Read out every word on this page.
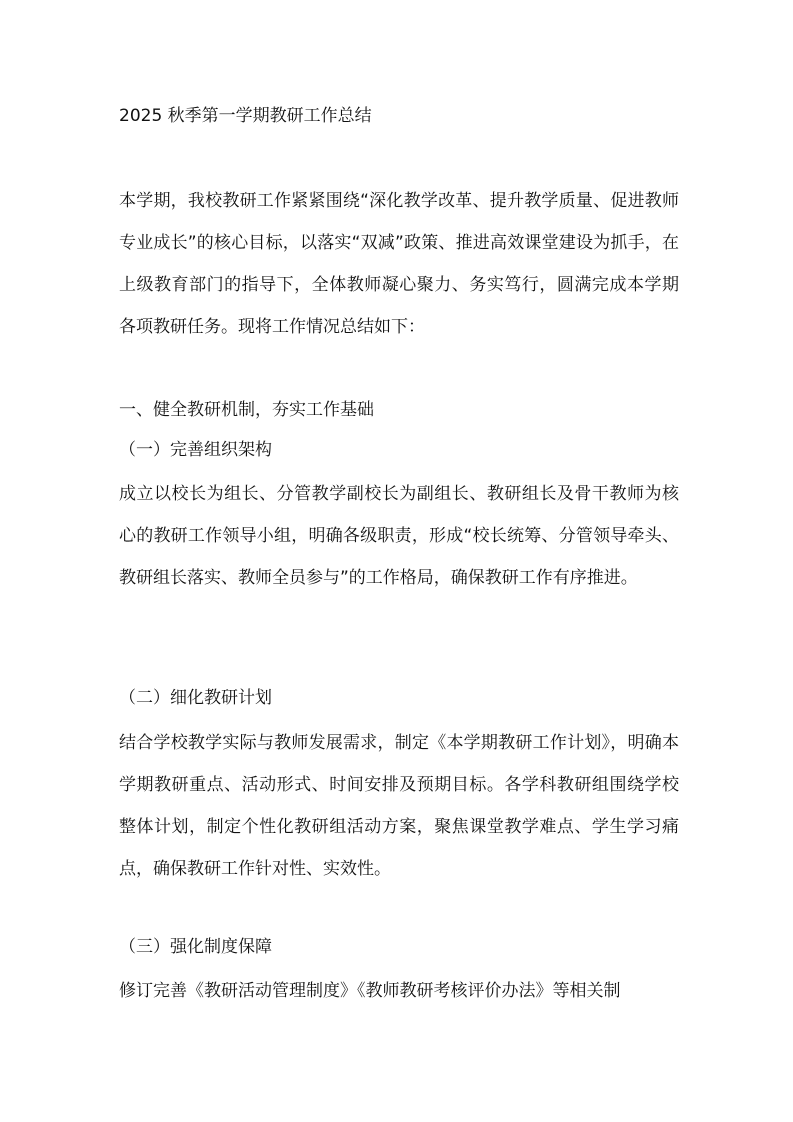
2025 秋季第一学期教研工作总结

本学期，我校教研工作紧紧围绕“深化教学改革、提升教学质量、促进教师专业成长”的核心目标，以落实“双减”政策、推进高效课堂建设为抓手，在上级教育部门的指导下，全体教师凝心聚力、务实笃行，圆满完成本学期各项教研任务。现将工作情况总结如下：

一、健全教研机制，夯实工作基础
（一）完善组织架构

成立以校长为组长、分管教学副校长为副组长、教研组长及骨干教师为核心的教研工作领导小组，明确各级职责，形成“校长统筹、分管领导牵头、教研组长落实、教师全员参与”的工作格局，确保教研工作有序推进。

（二）细化教研计划

结合学校教学实际与教师发展需求，制定《本学期教研工作计划》，明确本学期教研重点、活动形式、时间安排及预期目标。各学科教研组围绕学校整体计划，制定个性化教研组活动方案，聚焦课堂教学难点、学生学习痛点，确保教研工作针对性、实效性。

（三）强化制度保障

修订完善《教研活动管理制度》《教师教研考核评价办法》等相关制
